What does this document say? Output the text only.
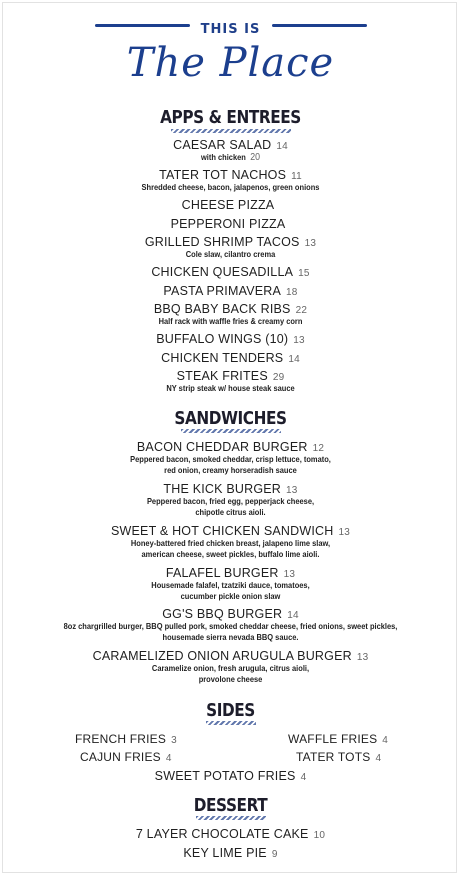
THIS IS
The Place
APPS & ENTREES
CAESAR SALAD 14
with chicken 20
TATER TOT NACHOS 11
Shredded cheese, bacon, jalapenos, green onions
CHEESE PIZZA
PEPPERONI PIZZA
GRILLED SHRIMP TACOS 13
Cole slaw, cilantro crema
CHICKEN QUESADILLA 15
PASTA PRIMAVERA 18
BBQ BABY BACK RIBS 22
Half rack with waffle fries & creamy corn
BUFFALO WINGS (10) 13
CHICKEN TENDERS 14
STEAK FRITES 29
NY strip steak w/ house steak sauce
SANDWICHES
BACON CHEDDAR BURGER 12
Peppered bacon, smoked cheddar, crisp lettuce, tomato,
red onion, creamy horseradish sauce
THE KICK BURGER 13
Peppered bacon, fried egg, pepperjack cheese,
chipotle citrus aioli.
SWEET & HOT CHICKEN SANDWICH 13
Honey-battered fried chicken breast, jalapeno lime slaw,
american cheese, sweet pickles, buffalo lime aioli.
FALAFEL BURGER 13
Housemade falafel, tzatziki dauce, tomatoes,
cucumber pickle onion slaw
GG'S BBQ BURGER 14
8oz chargrilled burger, BBQ pulled pork, smoked cheddar cheese, fried onions, sweet pickles,
housemade sierra nevada BBQ sauce.
CARAMELIZED ONION ARUGULA BURGER 13
Caramelize onion, fresh arugula, citrus aioli,
provolone cheese
SIDES
FRENCH FRIES 3	WAFFLE FRIES 4
CAJUN FRIES 4	TATER TOTS 4
SWEET POTATO FRIES 4
DESSERT
7 LAYER CHOCOLATE CAKE 10
KEY LIME PIE 9
